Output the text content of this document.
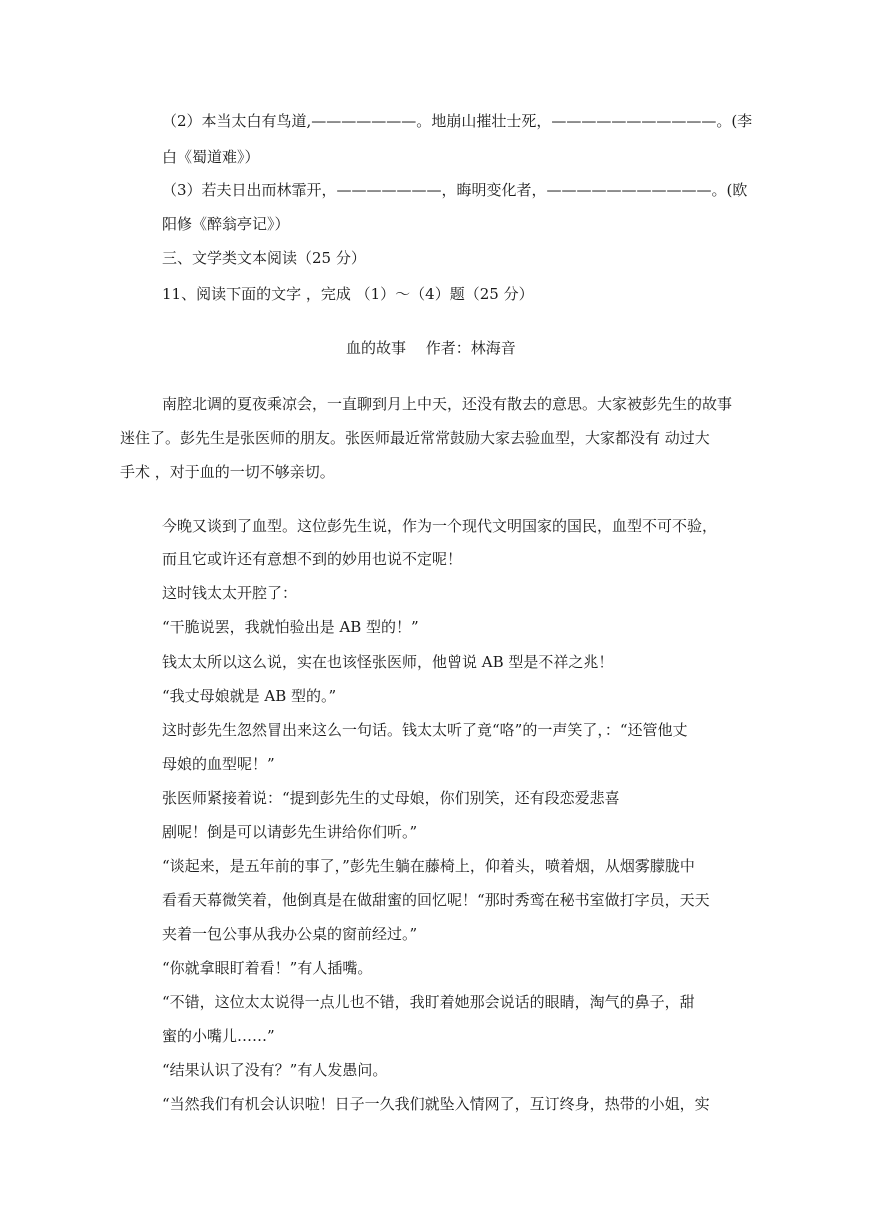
（2）本当太白有鸟道,———————。地崩山摧壮士死，———————————。(李
白《蜀道难》）
（3）若夫日出而林霏开，———————，晦明变化者，———————————。(欧
阳修《醉翁亭记》）
三、文学类文本阅读（25 分）
11、阅读下面的文字 ，完成 （1）～（4）题（25 分）
血的故事　 作者：林海音
南腔北调的夏夜乘凉会，一直聊到月上中天，还没有散去的意思。大家被彭先生的故事
迷住了。彭先生是张医师的朋友。张医师最近常常鼓励大家去验血型，大家都没有 动过大
手术 ，对于血的一切不够亲切。
今晚又谈到了血型。这位彭先生说，作为一个现代文明国家的国民，血型不可不验，
而且它或许还有意想不到的妙用也说不定呢！
这时钱太太开腔了：
“干脆说罢，我就怕验出是 AB 型的！”
钱太太所以这么说，实在也该怪张医师，他曾说 AB 型是不祥之兆！
“我丈母娘就是 AB 型的。”
这时彭先生忽然冒出来这么一句话。钱太太听了竟“咯”的一声笑了，：“还管他丈
母娘的血型呢！”
张医师紧接着说：“提到彭先生的丈母娘，你们别笑，还有段恋爱悲喜
剧呢！倒是可以请彭先生讲给你们听。”
“谈起来，是五年前的事了，”彭先生躺在藤椅上，仰着头，喷着烟，从烟雾朦胧中
看看天幕微笑着，他倒真是在做甜蜜的回忆呢！“那时秀鸾在秘书室做打字员，天天
夹着一包公事从我办公桌的窗前经过。”
“你就拿眼盯着看！”有人插嘴。
“不错，这位太太说得一点儿也不错，我盯着她那会说话的眼睛，淘气的鼻子，甜
蜜的小嘴儿……”
“结果认识了没有？”有人发愚问。
“当然我们有机会认识啦！日子一久我们就坠入情网了，互订终身，热带的小姐，实
